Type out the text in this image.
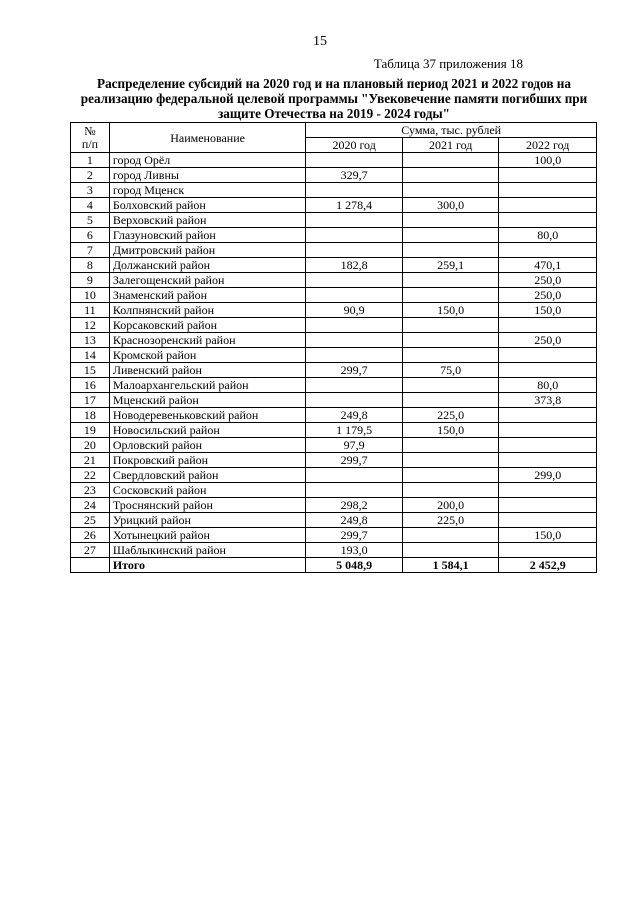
15
Таблица 37 приложения 18
Распределение субсидий на 2020 год и на плановый период 2021 и 2022 годов на
реализацию федеральной целевой программы "Увековечение памяти погибших при
защите Отечества на 2019 - 2024 годы"
№
п/п	Наименование	Сумма, тыс. рублей		
		2020 год	2021 год	2022 год
1	город Орёл			100,0
2	город Ливны	329,7		
3	город Мценск			
4	Болховский район	1 278,4	300,0	
5	Верховский район			
6	Глазуновский район			80,0
7	Дмитровский район			
8	Должанский район	182,8	259,1	470,1
9	Залегощенский район			250,0
10	Знаменский район			250,0
11	Колпнянский район	90,9	150,0	150,0
12	Корсаковский район			
13	Краснозоренский район			250,0
14	Кромской район			
15	Ливенский район	299,7	75,0	
16	Малоархангельский район			80,0
17	Мценский район			373,8
18	Новодеревеньковский район	249,8	225,0	
19	Новосильский район	1 179,5	150,0	
20	Орловский район	97,9		
21	Покровский район	299,7		
22	Свердловский район			299,0
23	Сосковский район			
24	Троснянский район	298,2	200,0	
25	Урицкий район	249,8	225,0	
26	Хотынецкий район	299,7		150,0
27	Шаблыкинский район	193,0		
	Итого	5 048,9	1 584,1	2 452,9
